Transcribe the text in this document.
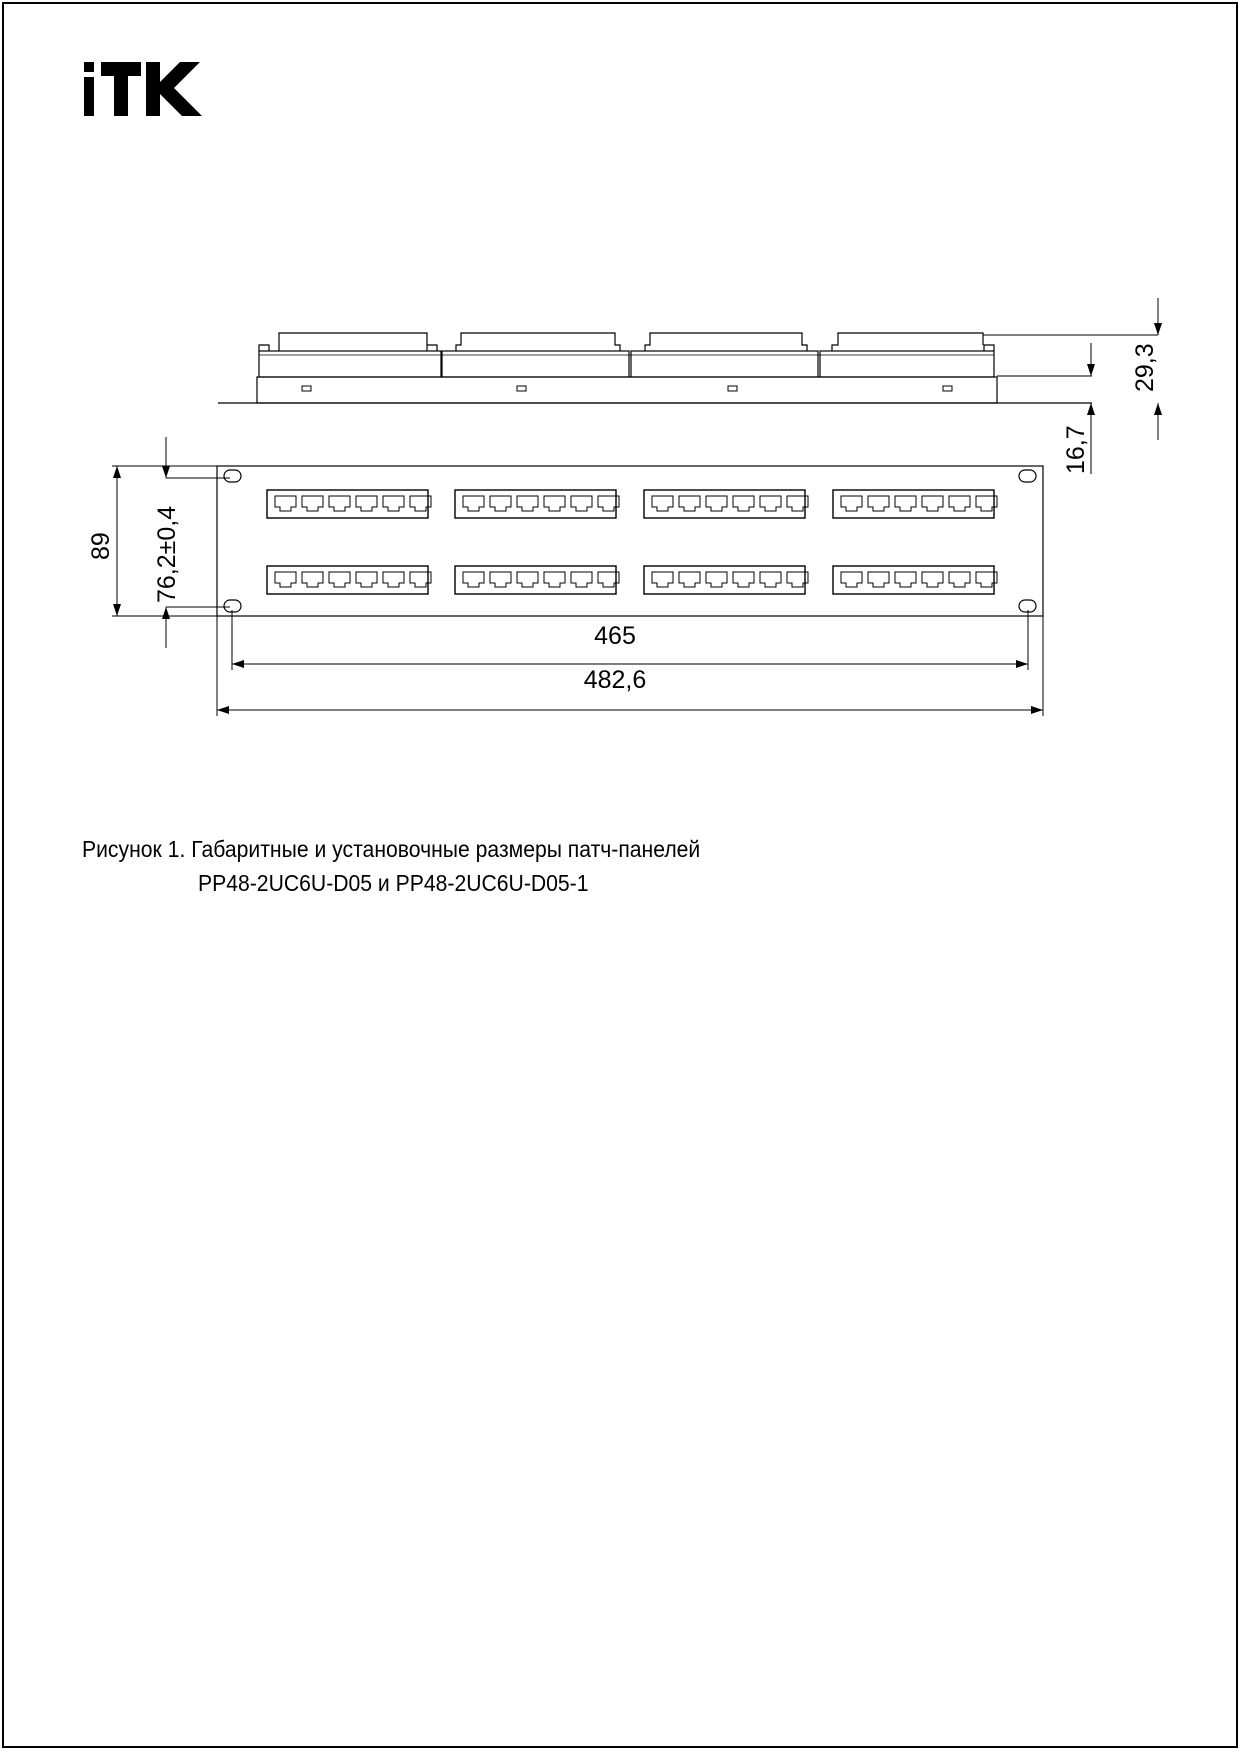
29,3
16,7
89 76,2±0,4
465
482,6

Рисунок 1. Габаритные и установочные размеры патч-панелей

PP48-2UC6U-D05 и PP48-2UC6U-D05-1
